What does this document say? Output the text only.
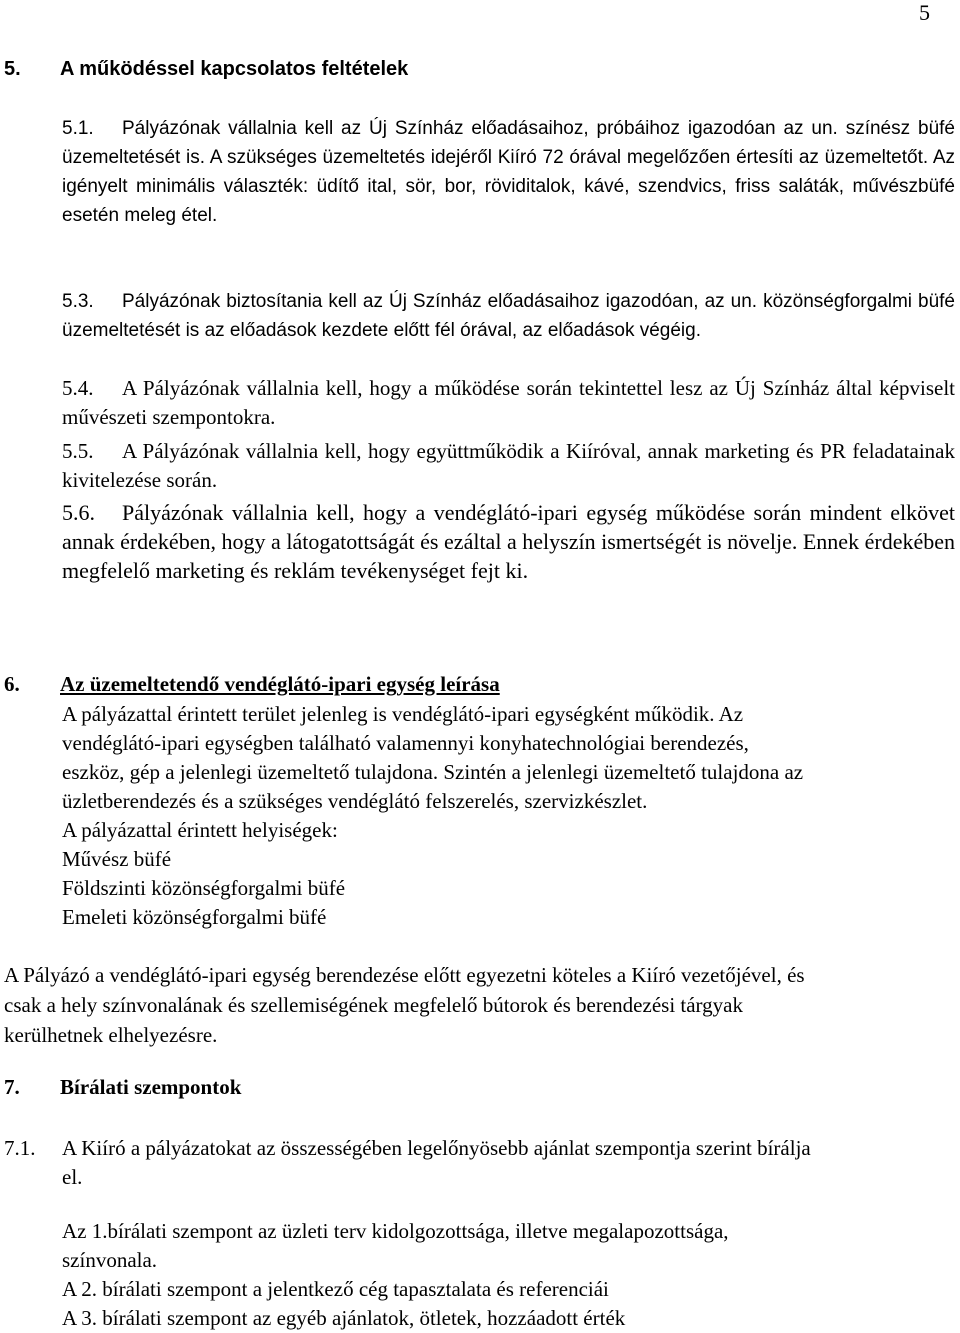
5
5. A működéssel kapcsolatos feltételek
5.1.	Pályázónak vállalnia kell az Új Színház előadásaihoz, próbáihoz igazodóan az un. színész büfé üzemeltetését is. A szükséges üzemeltetés idejéről Kiíró 72 órával megelőzően értesíti az üzemeltetőt. Az igényelt minimális választék: üdítő ital, sör, bor, röviditalok, kávé, szendvics, friss saláták, művészbüfé esetén meleg étel.
5.3.	Pályázónak biztosítania kell az Új Színház előadásaihoz igazodóan, az un. közönségforgalmi büfé üzemeltetését is az előadások kezdete előtt fél órával, az előadások végéig.
5.4.	A Pályázónak vállalnia kell, hogy a működése során tekintettel lesz az Új Színház által képviselt művészeti szempontokra.
5.5.	A Pályázónak vállalnia kell, hogy együttműködik a Kiíróval, annak marketing és PR feladatainak kivitelezése során.
5.6.	Pályázónak vállalnia kell, hogy a vendéglátó-ipari egység működése során mindent elkövet annak érdekében, hogy a látogatottságát és ezáltal a helyszín ismertségét is növelje. Ennek érdekében megfelelő marketing és reklám tevékenységet fejt ki.
6. Az üzemeltetendő vendéglátó-ipari egység leírása
A pályázattal érintett terület jelenleg is vendéglátó-ipari egységként működik. Az
vendéglátó-ipari egységben található valamennyi konyhatechnológiai berendezés,
eszköz, gép a jelenlegi üzemeltető tulajdona. Szintén a jelenlegi üzemeltető tulajdona az
üzletberendezés és a szükséges vendéglátó felszerelés, szervizkészlet.
A pályázattal érintett helyiségek:
Művész büfé
Földszinti közönségforgalmi büfé
Emeleti közönségforgalmi büfé
A Pályázó a vendéglátó-ipari egység berendezése előtt egyezetni köteles a Kiíró vezetőjével, és
csak a hely színvonalának és szellemiségének megfelelő bútorok és berendezési tárgyak
kerülhetnek elhelyezésre.
7. Bírálati szempontok
7.1. A Kiíró a pályázatokat az összességében legelőnyösebb ajánlat szempontja szerint bírálja
el.
Az 1.bírálati szempont az üzleti terv kidolgozottsága, illetve megalapozottsága,
színvonala.
A 2. bírálati szempont a jelentkező cég tapasztalata és referenciái
A 3. bírálati szempont az egyéb ajánlatok, ötletek, hozzáadott érték
